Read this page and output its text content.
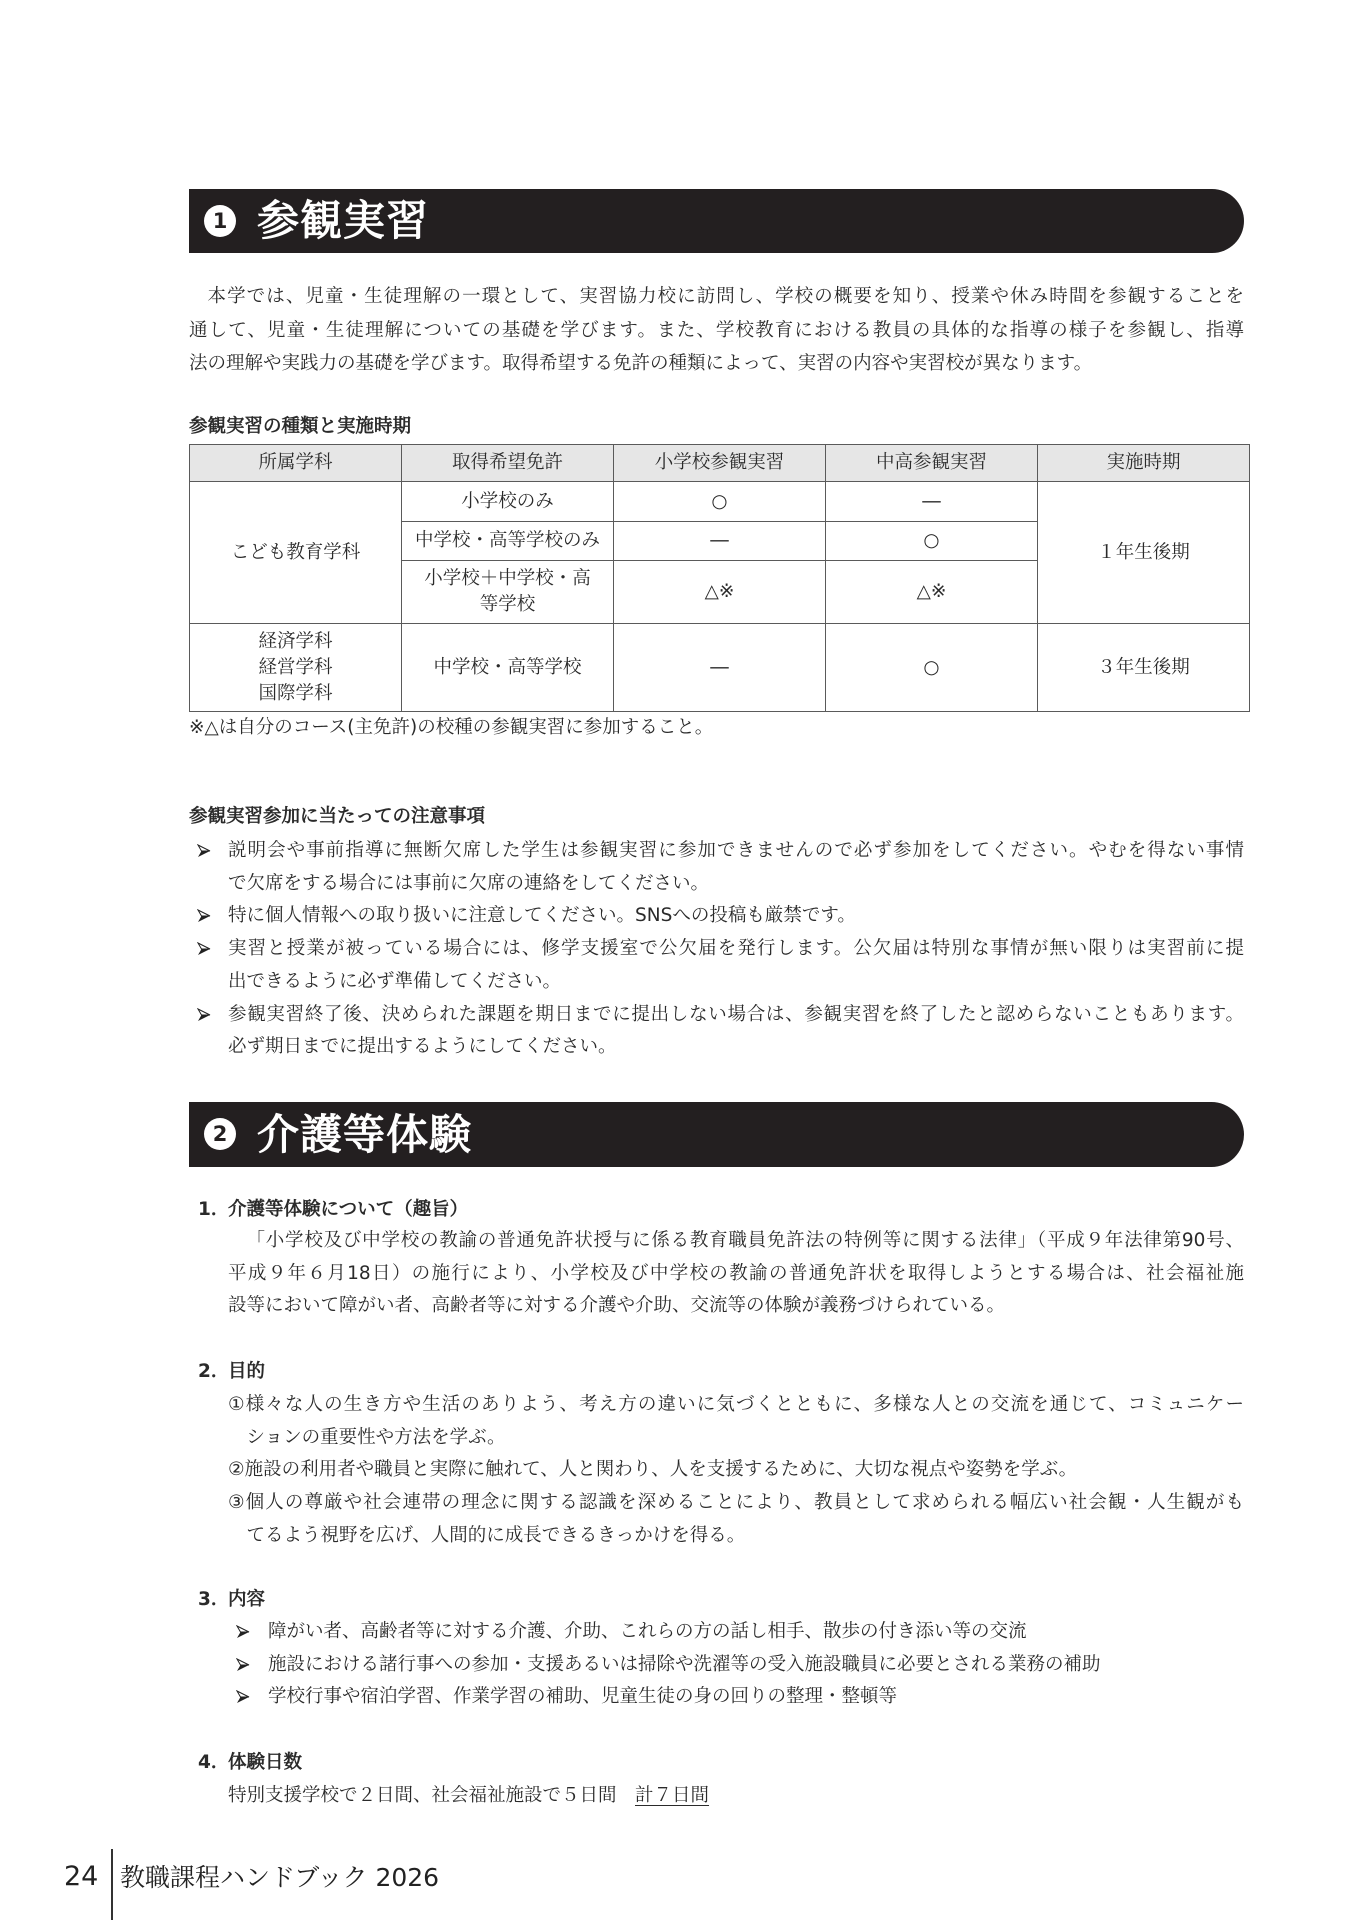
1 参観実習
本学では、児童・生徒理解の一環として、実習協力校に訪問し、学校の概要を知り、授業や休み時間を参観することを
通して、児童・生徒理解についての基礎を学びます。また、学校教育における教員の具体的な指導の様子を参観し、指導
法の理解や実践力の基礎を学びます。取得希望する免許の種類によって、実習の内容や実習校が異なります。
参観実習の種類と実施時期
所属学科	取得希望免許	小学校参観実習	中高参観実習	実施時期

こども教育学科	小学校のみ	○	―	１年生後期

	中学校・高等学校のみ	―	○	

	小学校＋中学校・高
等学校	△※	△※	

経済学科
経営学科
国際学科	中学校・高等学校	―	○	３年生後期
※△は自分のコース(主免許)の校種の参観実習に参加すること。
参観実習参加に当たっての注意事項
説明会や事前指導に無断欠席した学生は参観実習に参加できませんので必ず参加をしてください。やむを得ない事情
で欠席をする場合には事前に欠席の連絡をしてください。
特に個人情報への取り扱いに注意してください。SNSへの投稿も厳禁です。
実習と授業が被っている場合には、修学支援室で公欠届を発行します。公欠届は特別な事情が無い限りは実習前に提
出できるように必ず準備してください。
参観実習終了後、決められた課題を期日までに提出しない場合は、参観実習を終了したと認めらないこともあります。
必ず期日までに提出するようにしてください。
2 介護等体験
1．介護等体験について（趣旨）
「小学校及び中学校の教諭の普通免許状授与に係る教育職員免許法の特例等に関する法律」（平成９年法律第90号、
平成９年６月18日）の施行により、小学校及び中学校の教諭の普通免許状を取得しようとする場合は、社会福祉施
設等において障がい者、高齢者等に対する介護や介助、交流等の体験が義務づけられている。
2．目的
①様々な人の生き方や生活のありよう、考え方の違いに気づくとともに、多様な人との交流を通じて、コミュニケー
ションの重要性や方法を学ぶ。
②施設の利用者や職員と実際に触れて、人と関わり、人を支援するために、大切な視点や姿勢を学ぶ。
③個人の尊厳や社会連帯の理念に関する認識を深めることにより、教員として求められる幅広い社会観・人生観がも
てるよう視野を広げ、人間的に成長できるきっかけを得る。
3．内容
障がい者、高齢者等に対する介護、介助、これらの方の話し相手、散歩の付き添い等の交流
施設における諸行事への参加・支援あるいは掃除や洗濯等の受入施設職員に必要とされる業務の補助
学校行事や宿泊学習、作業学習の補助、児童生徒の身の回りの整理・整頓等
4．体験日数
特別支援学校で２日間、社会福祉施設で５日間　計７日間
24 教職課程ハンドブック 2026
